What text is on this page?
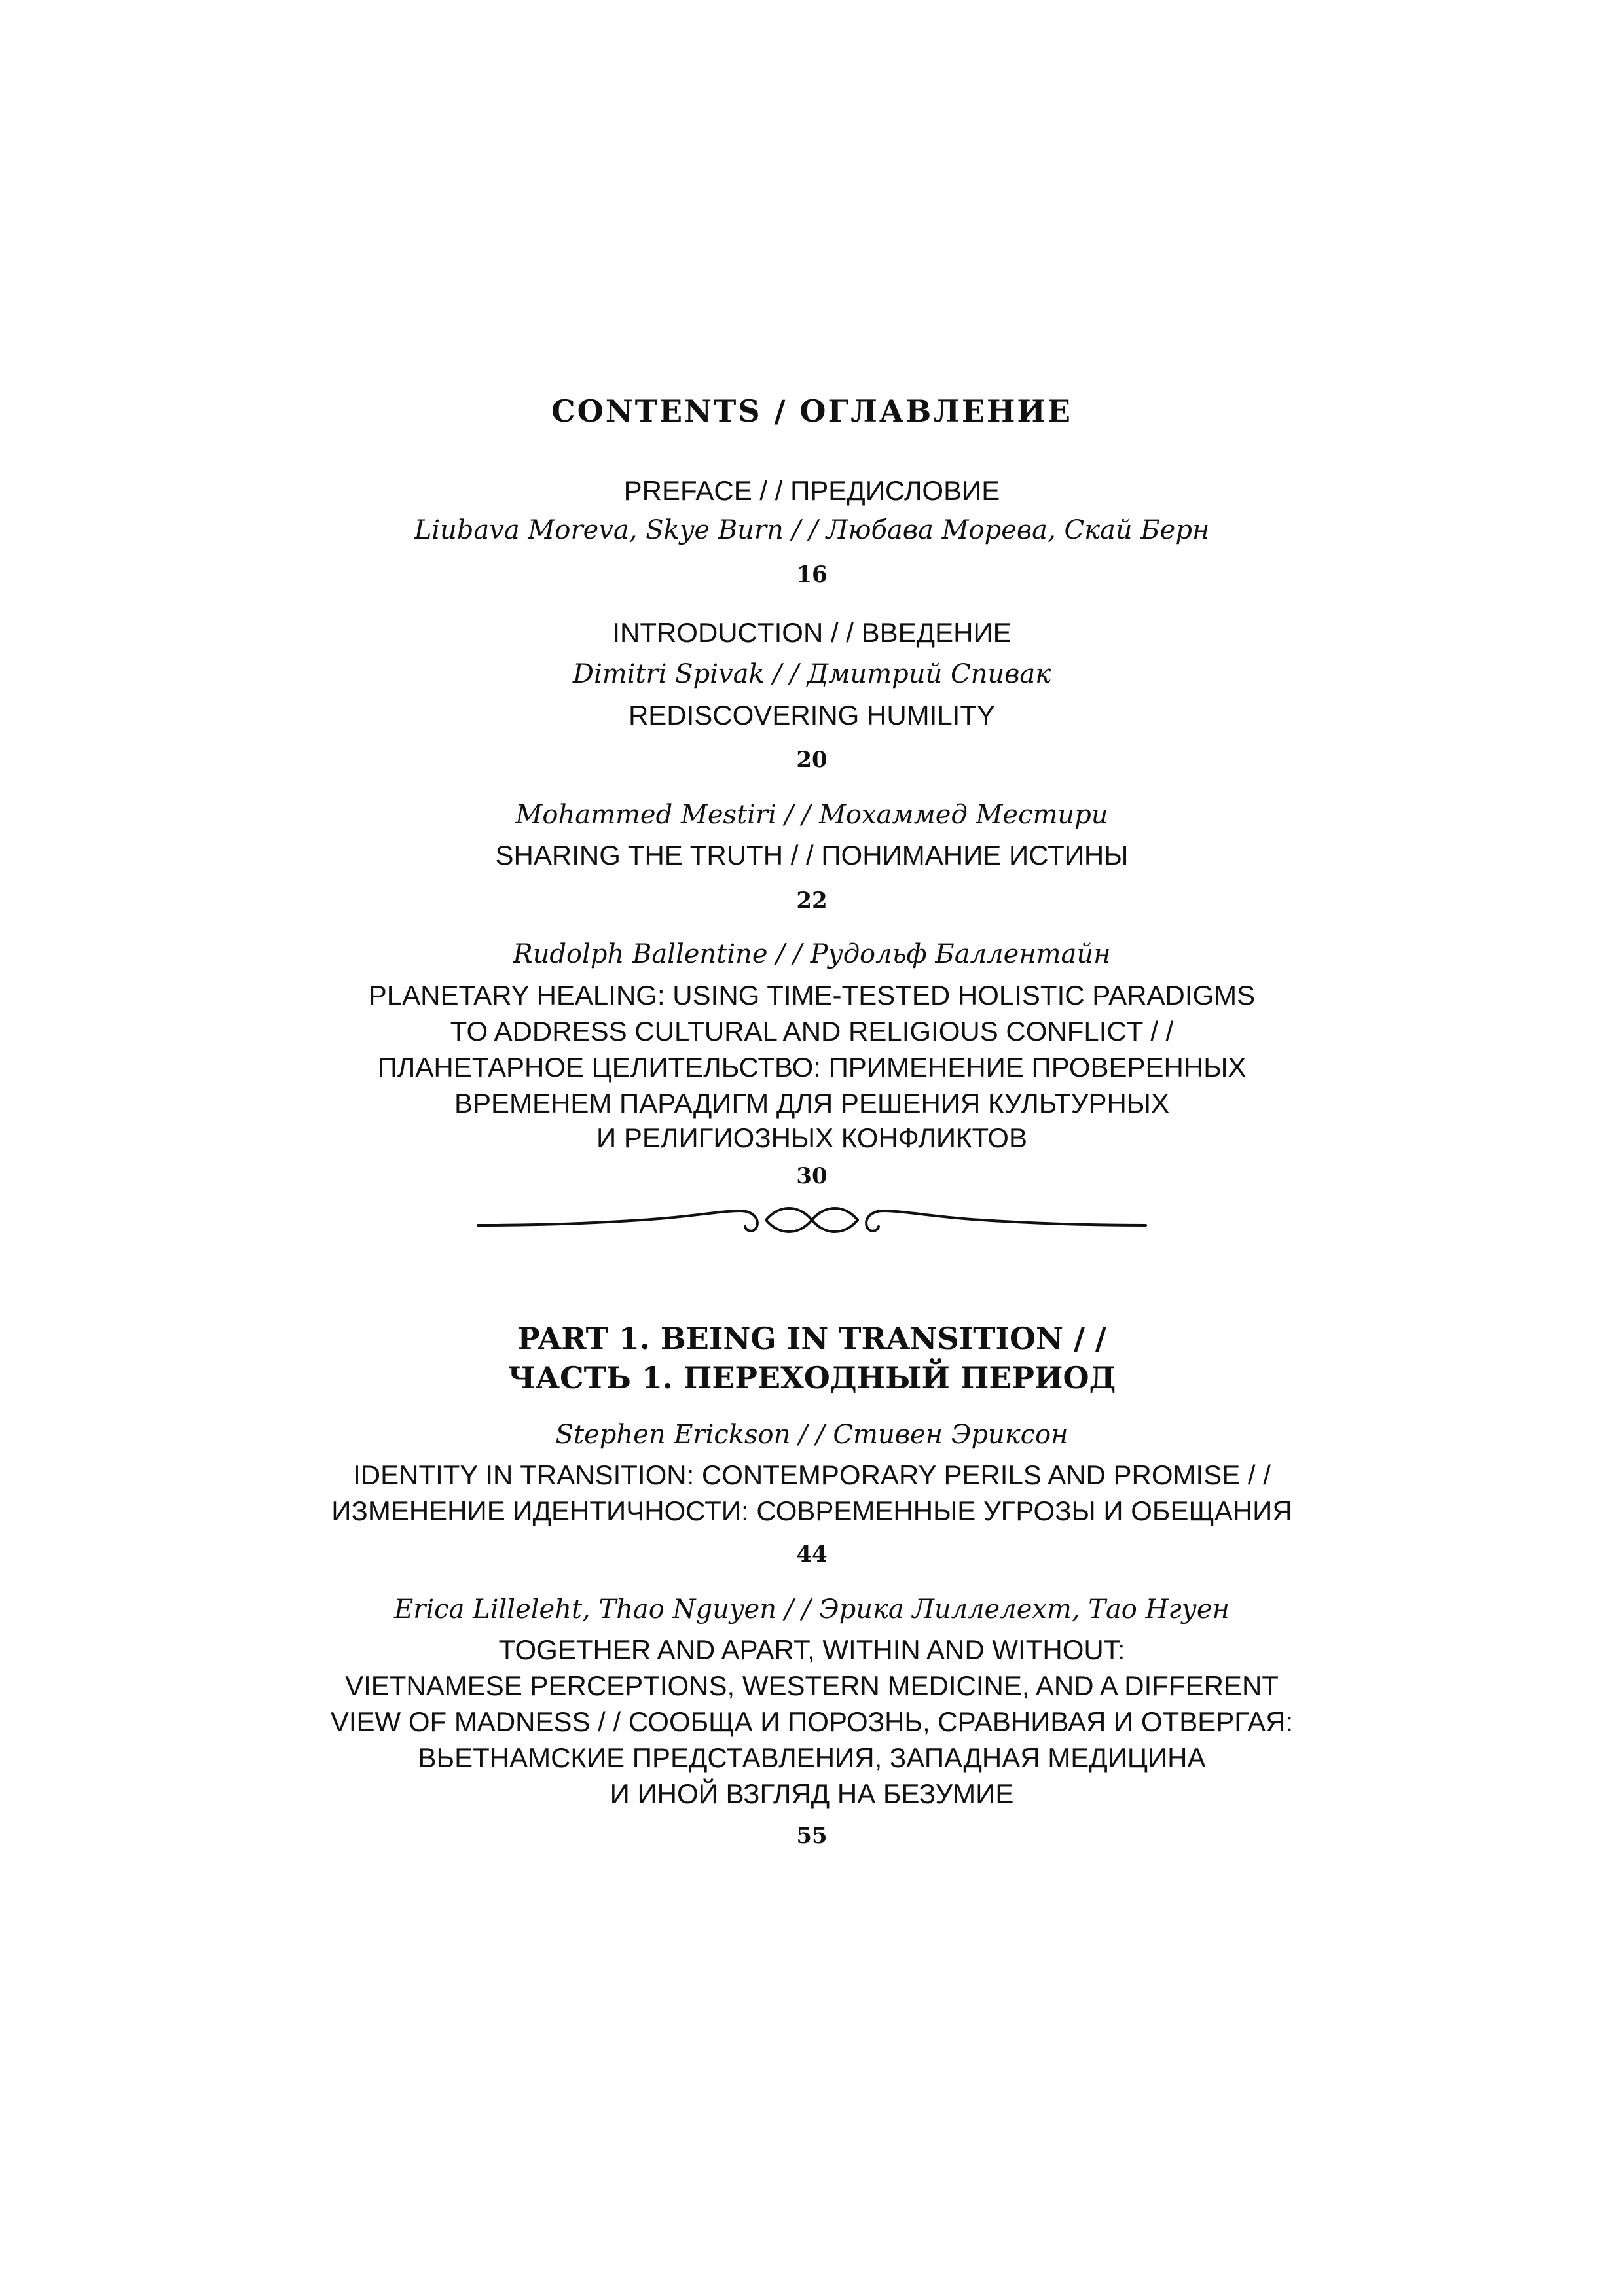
CONTENTS / ОГЛАВЛЕНИЕ
PREFACE / / ПРЕДИСЛОВИЕ
Liubava Moreva, Skye Burn / / Любава Морева, Скай Берн
16
INTRODUCTION / / ВВЕДЕНИЕ
Dimitri Spivak / / Дмитрий Спивак
REDISCOVERING HUMILITY
20
Mohammed Mestiri / / Мохаммед Местири
SHARING THE TRUTH / / ПОНИМАНИЕ ИСТИНЫ
22
Rudolph Ballentine / / Рудольф Баллентайн
PLANETARY HEALING: USING TIME-TESTED HOLISTIC PARADIGMS
TO ADDRESS CULTURAL AND RELIGIOUS CONFLICT / /
ПЛАНЕТАРНОЕ ЦЕЛИТЕЛЬСТВО: ПРИМЕНЕНИЕ ПРОВЕРЕННЫХ
ВРЕМЕНЕМ ПАРАДИГМ ДЛЯ РЕШЕНИЯ КУЛЬТУРНЫХ
И РЕЛИГИОЗНЫХ КОНФЛИКТОВ
30
PART 1. BEING IN TRANSITION / /
ЧАСТЬ 1. ПЕРЕХОДНЫЙ ПЕРИОД
Stephen Erickson / / Стивен Эриксон
IDENTITY IN TRANSITION: CONTEMPORARY PERILS AND PROMISE / /
ИЗМЕНЕНИЕ ИДЕНТИЧНОСТИ: СОВРЕМЕННЫЕ УГРОЗЫ И ОБЕЩАНИЯ
44
Erica Lilleleht, Thao Nguyen / / Эрика Лиллелехт, Тао Нгуен
TOGETHER AND APART, WITHIN AND WITHOUT:
VIETNAMESE PERCEPTIONS, WESTERN MEDICINE, AND A DIFFERENT
VIEW OF MADNESS / / СООБЩА И ПОРОЗНЬ, СРАВНИВАЯ И ОТВЕРГАЯ:
ВЬЕТНАМСКИЕ ПРЕДСТАВЛЕНИЯ, ЗАПАДНАЯ МЕДИЦИНА
И ИНОЙ ВЗГЛЯД НА БЕЗУМИЕ
55
